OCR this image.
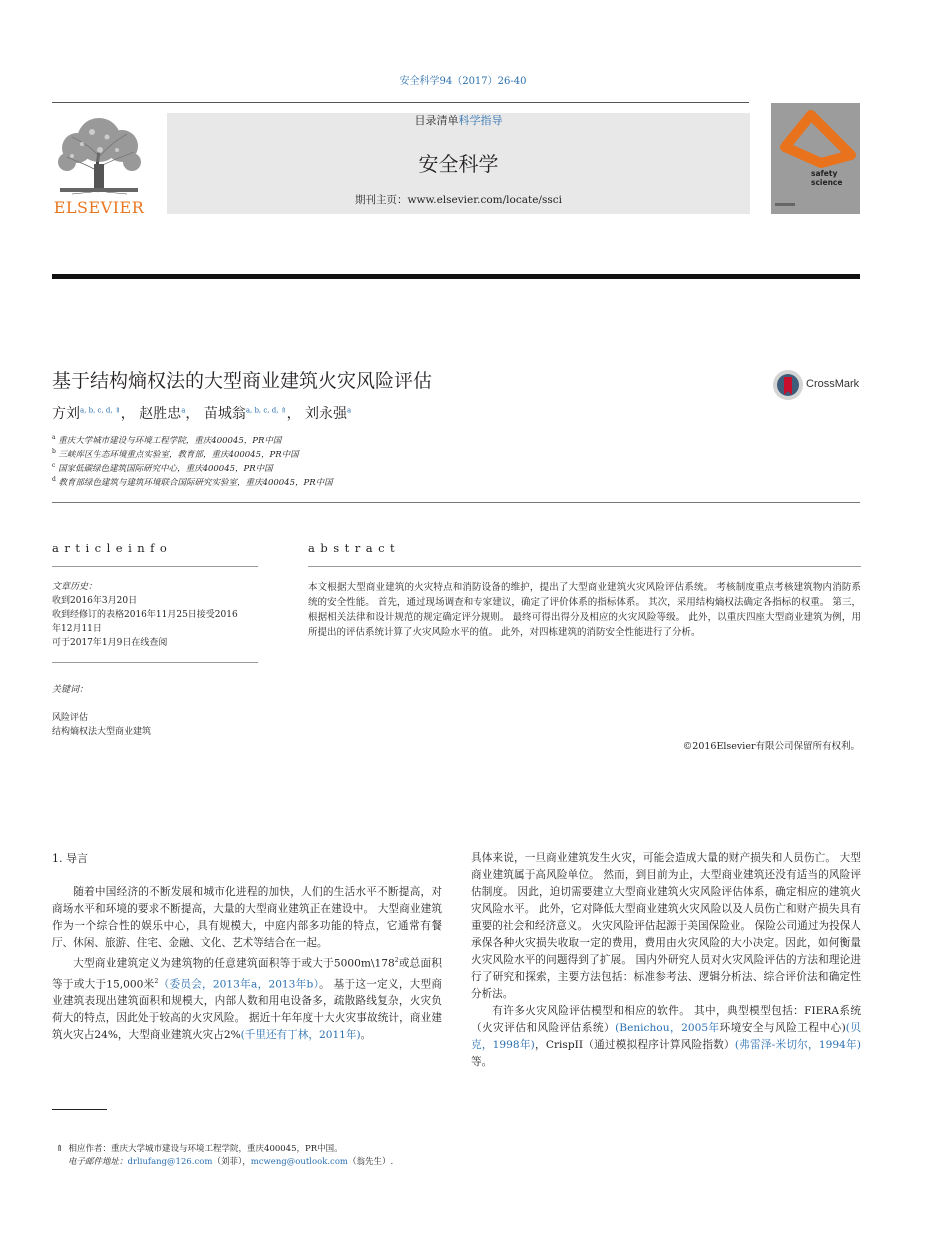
安全科学94（2017）26-40
ELSEVIER
目录清单科学指导
安全科学
期刊主页：www.elsevier.com/locate/ssci
safety
science
基于结构熵权法的大型商业建筑火灾风险评估	CrossMark
方刘$^{a, b, c, d, ⇑}$， 赵胜忠$^a$， 苗城翁$^{a, b, c, d, ⇑}$， 刘永强$^a$
$^a$ 重庆大学城市建设与环境工程学院，重庆400045，PR中国
$^b$ 三峡库区生态环境重点实验室，教育部，重庆400045，PR中国
$^c$ 国家低碳绿色建筑国际研究中心，重庆400045，PR中国
$^d$ 教育部绿色建筑与建筑环境联合国际研究实验室，重庆400045，PR中国
articleinfo
文章历史：
收到2016年3月20日
收到经修订的表格2016年11月25日接受2016
年12月11日
可于2017年1月9日在线查阅
关键词：
风险评估
结构熵权法大型商业建筑
abstract
本文根据大型商业建筑的火灾特点和消防设备的维护，提出了大型商业建筑火灾风险评估系统。 考核制度重点考核建筑物内消防系统的安全性能。 首先，通过现场调查和专家建议，确定了评价体系的指标体系。 其次，采用结构熵权法确定各指标的权重。 第三，根据相关法律和设计规范的规定确定评分规则。 最终可得出得分及相应的火灾风险等级。 此外，以重庆四座大型商业建筑为例，用所提出的评估系统计算了火灾风险水平的值。 此外，对四栋建筑的消防安全性能进行了分析。
©2016Elsevier有限公司保留所有权利。
1. 导言
随着中国经济的不断发展和城市化进程的加快，人们的生活水平不断提高，对商场水平和环境的要求不断提高，大量的大型商业建筑正在建设中。 大型商业建筑作为一个综合性的娱乐中心，具有规模大，中庭内部多功能的特点，它通常有餐厅、休闲、旅游、住宅、金融、文化、艺术等结合在一起。
大型商业建筑定义为建筑物的任意建筑面积等于或大于$5000m\backslash 178^2$或总面积等于或大于15,000米$^2$（委员会，2013年a，2013年b）。 基于这一定义，大型商业建筑表现出建筑面积和规模大，内部人数和用电设备多，疏散路线复杂，火灾负荷大的特点，因此处于较高的火灾风险。 据近十年年度十大火灾事故统计，商业建筑火灾占24%，大型商业建筑火灾占2%(千里还有丁林，2011年)。
具体来说，一旦商业建筑发生火灾，可能会造成大量的财产损失和人员伤亡。 大型商业建筑属于高风险单位。 然而，到目前为止，大型商业建筑还没有适当的风险评估制度。 因此，迫切需要建立大型商业建筑火灾风险评估体系，确定相应的建筑火灾风险水平。 此外，它对降低大型商业建筑火灾风险以及人员伤亡和财产损失具有重要的社会和经济意义。 火灾风险评估起源于美国保险业。 保险公司通过为投保人承保各种火灾损失收取一定的费用，费用由火灾风险的大小决定。因此，如何衡量火灾风险水平的问题得到了扩展。 国内外研究人员对火灾风险评估的方法和理论进行了研究和探索，主要方法包括：标准参考法、逻辑分析法、综合评价法和确定性分析法。
有许多火灾风险评估模型和相应的软件。 其中，典型模型包括：FIERA系统（火灾评估和风险评估系统）(Benichou，2005年环境安全与风险工程中心)(贝克，1998年)，CrispII（通过模拟程序计算风险指数）(弗雷泽-米切尔，1994年)等。
⇑ 相应作者：重庆大学城市建设与环境工程学院，重庆400045，PR中国。
电子邮件地址：drliufang@126.com（刘菲），mcweng@outlook.com（翁先生）.
